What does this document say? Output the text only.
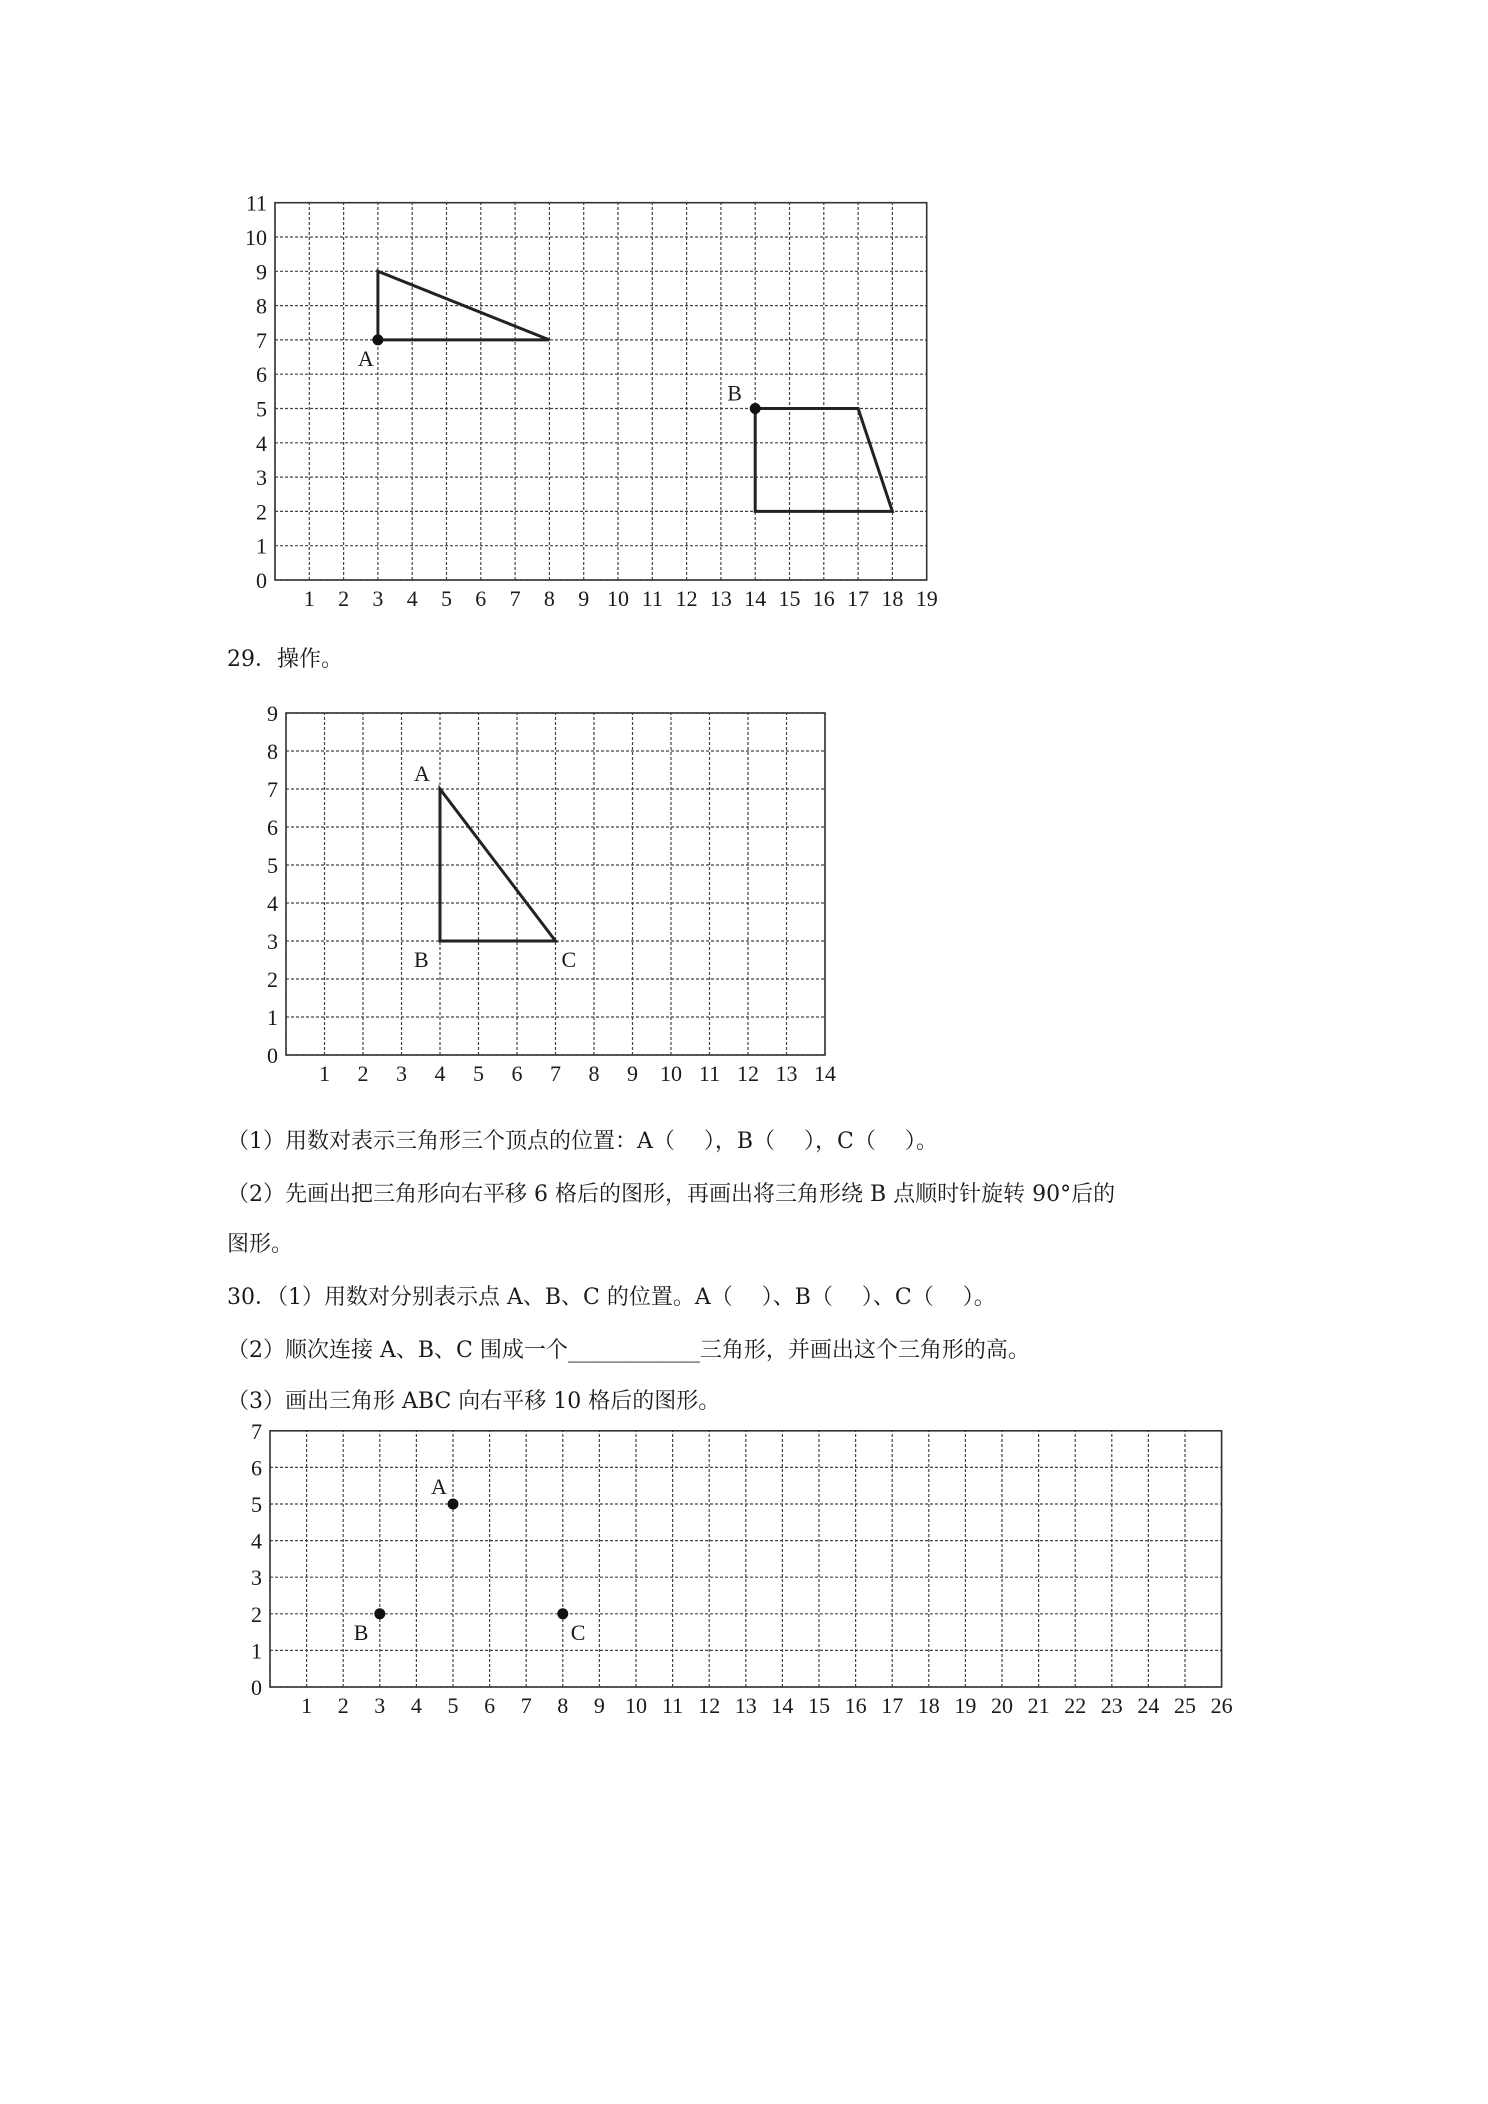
1 2 3 4 5 6 7 8 9 10 11 12 13 14 15 16 17 18 19
0
1
2
3
4
5
6
7
8
9
10
11
A
B
29．操作。
1 2 3 4 5 6 7 8 9 10 11 12 13 14
0
1
2
3
4
5
6
7
8
9
A
B	C
（1）用数对表示三角形三个顶点的位置：A（　 ），B（　 ），C（　 ）。
（2）先画出把三角形向右平移 6 格后的图形，再画出将三角形绕 B 点顺时针旋转 90°后的
图形。
30．（1）用数对分别表示点 A、B、C 的位置。A（　 ）、B（　 ）、C（　 ）。
（2）顺次连接 A、B、C 围成一个____________三角形，并画出这个三角形的高。
（3）画出三角形 ABC 向右平移 10 格后的图形。
1 2 3 4 5 6 7 8 9 10 11 12 13 14 15 16 17 18 19 20 21 22 23 24 25 26
0
1
2
3
4
5
6
7
A
B	C
